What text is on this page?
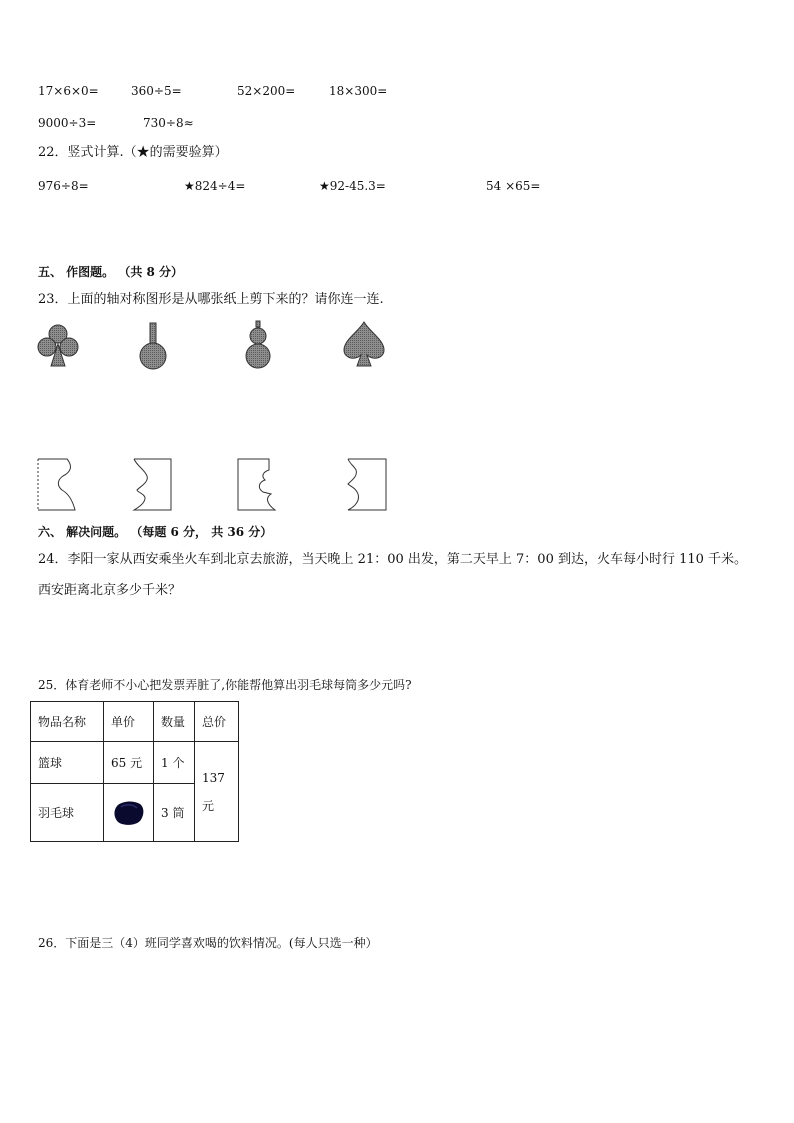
17×6×0=	360÷5=	52×200=	18×300=
9000÷3=	730÷8≈
22．竖式计算.（★的需要验算）
976÷8=	★824÷4=	★92-45.3=	54 ×65=
五、 作图题。 （共 8 分）
23．上面的轴对称图形是从哪张纸上剪下来的？请你连一连.
六、 解决问题。 （每题 6 分， 共 36 分）
24．李阳一家从西安乘坐火车到北京去旅游，当天晚上 21：00 出发，第二天早上 7：00 到达，火车每小时行 110 千米。
西安距离北京多少千米？
25．体育老师不小心把发票弄脏了,你能帮他算出羽毛球每筒多少元吗?
物品名称	单价	数量	总价
篮球	65 元	1 个	137
元

羽毛球		3 筒	
26．下面是三（4）班同学喜欢喝的饮料情况。(每人只选一种）
